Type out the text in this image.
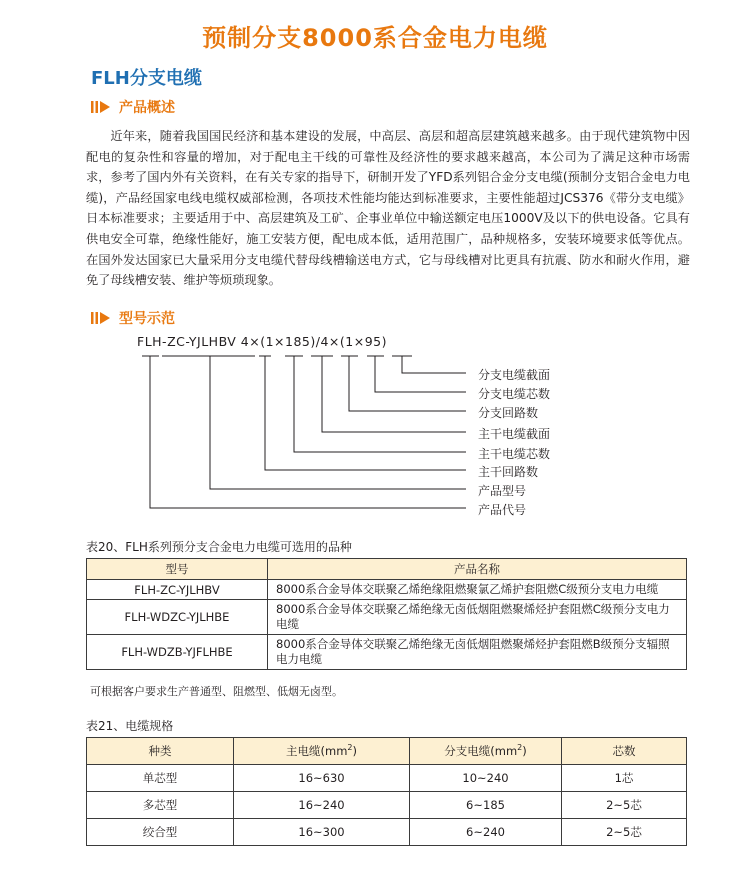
预制分支8000系合金电力电缆
FLH分支电缆
产品概述

近年来，随着我国国民经济和基本建设的发展，中高层、高层和超高层建筑越来越多。由于现代建筑物中因配电的复杂性和容量的增加，对于配电主干线的可靠性及经济性的要求越来越高，本公司为了满足这种市场需求，参考了国内外有关资料，在有关专家的指导下，研制开发了YFD系列铝合金分支电缆(预制分支铝合金电力电缆)，产品经国家电线电缆权威部检测，各项技术性能均能达到标准要求，主要性能超过JCS376《带分支电缆》日本标准要求；主要适用于中、高层建筑及工矿、企事业单位中输送额定电压1000V及以下的供电设备。它具有供电安全可靠，绝缘性能好，施工安装方便，配电成本低，适用范围广，品种规格多，安装环境要求低等优点。在国外发达国家已大量采用分支电缆代替母线槽输送电方式，它与母线槽对比更具有抗震、防水和耐火作用，避免了母线槽安装、维护等烦琐现象。

型号示范
FLH-ZC-YJLHBV 4×(1×185)/4×(1×95)
分支电缆截面
分支电缆芯数
分支回路数
主干电缆截面
主干电缆芯数
主干回路数
产品型号
产品代号
表20、FLH系列预分支合金电力电缆可选用的品种
型号	产品名称
FLH-ZC-YJLHBV	8000系合金导体交联聚乙烯绝缘阻燃聚氯乙烯护套阻燃C级预分支电力电缆
FLH-WDZC-YJLHBE	8000系合金导体交联聚乙烯绝缘无卤低烟阻燃聚烯烃护套阻燃C级预分支电力电缆
FLH-WDZB-YJFLHBE	8000系合金导体交联聚乙烯绝缘无卤低烟阻燃聚烯烃护套阻燃B级预分支辐照电力电缆
可根据客户要求生产普通型、阻燃型、低烟无卤型。
表21、电缆规格
种类	主电缆$(mm^2)$	分支电缆$(mm^2)$	芯数
单芯型	16~630	10~240	1芯
多芯型	16~240	6~185	2~5芯
绞合型	16~300	6~240	2~5芯
